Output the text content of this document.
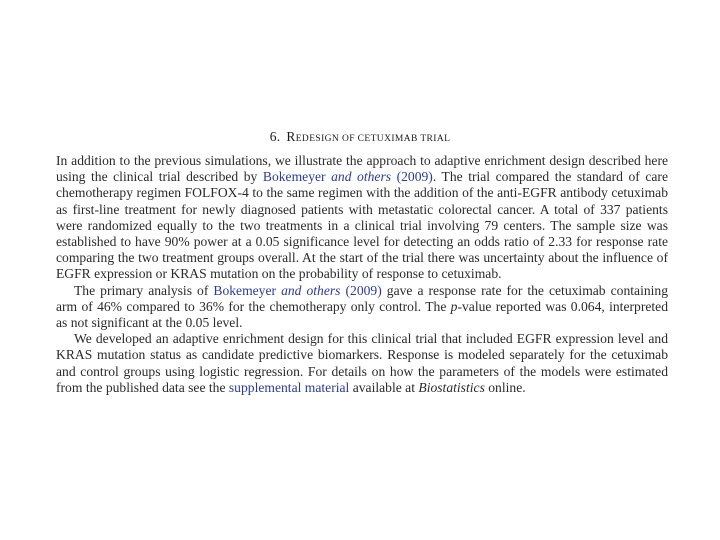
6. REDESIGN OF CETUXIMAB TRIAL

In addition to the previous simulations, we illustrate the approach to adaptive enrichment design described here using the clinical trial described by Bokemeyer and others (2009). The trial compared the standard of care chemotherapy regimen FOLFOX-4 to the same regimen with the addition of the anti-EGFR antibody cetuximab as first-line treatment for newly diagnosed patients with metastatic colorectal cancer. A total of 337 patients were randomized equally to the two treatments in a clinical trial involving 79 centers. The sample size was established to have 90% power at a 0.05 significance level for detecting an odds ratio of 2.33 for response rate comparing the two treatment groups overall. At the start of the trial there was uncertainty about the influence of EGFR expression or KRAS mutation on the probability of response to cetuximab.

The primary analysis of Bokemeyer and others (2009) gave a response rate for the cetuximab containing arm of 46% compared to 36% for the chemotherapy only control. The p-value reported was 0.064, interpreted as not significant at the 0.05 level.

We developed an adaptive enrichment design for this clinical trial that included EGFR expression level and KRAS mutation status as candidate predictive biomarkers. Response is modeled separately for the cetuximab and control groups using logistic regression. For details on how the parameters of the models were estimated from the published data see the supplemental material available at Biostatistics online.
